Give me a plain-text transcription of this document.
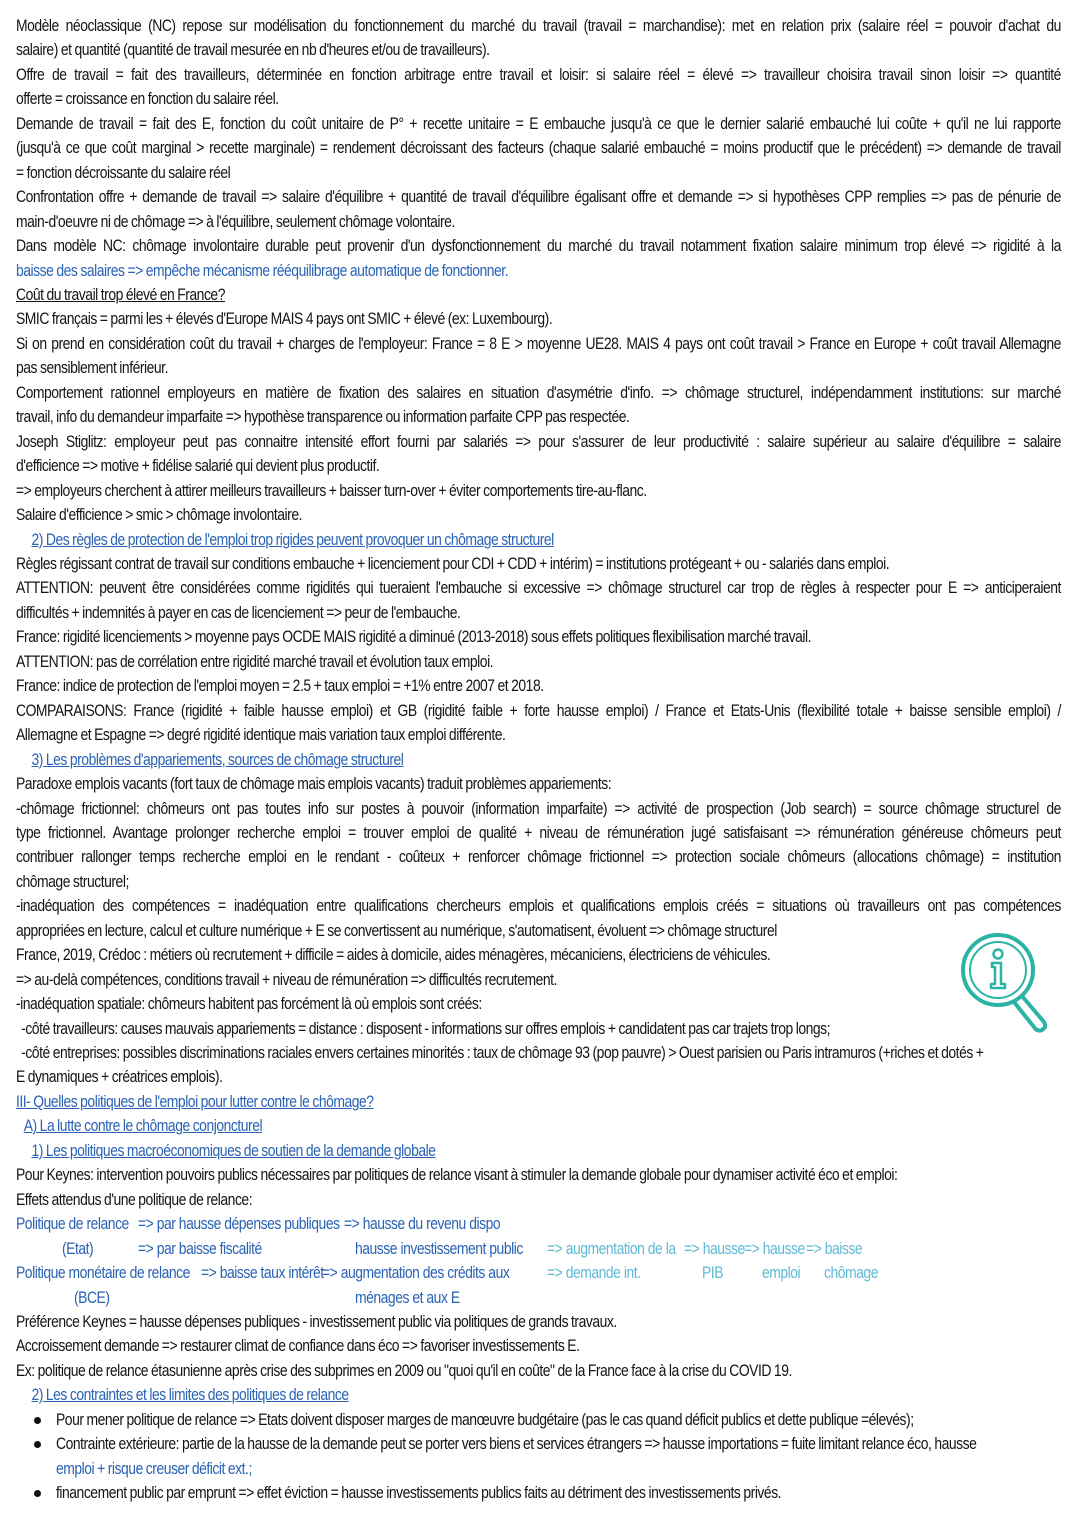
Modèle néoclassique (NC) repose sur modélisation du fonctionnement du marché du travail (travail = marchandise): met en relation prix (salaire réel = pouvoir d'achat du
salaire) et quantité (quantité de travail mesurée en nb d'heures et/ou de travailleurs).
Offre de travail = fait des travailleurs, déterminée en fonction arbitrage entre travail et loisir: si salaire réel = élevé => travailleur choisira travail sinon loisir => quantité
offerte = croissance en fonction du salaire réel.
Demande de travail = fait des E, fonction du coût unitaire de P° + recette unitaire = E embauche jusqu'à ce que le dernier salarié embauché lui coûte + qu'il ne lui rapporte
(jusqu'à ce que coût marginal > recette marginale) = rendement décroissant des facteurs (chaque salarié embauché = moins productif que le précédent) => demande de travail
= fonction décroissante du salaire réel
Confrontation offre + demande de travail => salaire d'équilibre + quantité de travail d'équilibre égalisant offre et demande => si hypothèses CPP remplies => pas de pénurie de
main-d'oeuvre ni de chômage => à l'équilibre, seulement chômage volontaire.
Dans modèle NC: chômage involontaire durable peut provenir d'un dysfonctionnement du marché du travail notamment fixation salaire minimum trop élevé => rigidité à la
baisse des salaires => empêche mécanisme rééquilibrage automatique de fonctionner.
Coût du travail trop élevé en France?
SMIC français = parmi les + élevés d'Europe MAIS 4 pays ont SMIC + élevé (ex: Luxembourg).
Si on prend en considération coût du travail + charges de l'employeur: France = 8 E > moyenne UE28. MAIS 4 pays ont coût travail > France en Europe + coût travail Allemagne
pas sensiblement inférieur.
Comportement rationnel employeurs en matière de fixation des salaires en situation d'asymétrie d'info. => chômage structurel, indépendamment institutions: sur marché
travail, info du demandeur imparfaite => hypothèse transparence ou information parfaite CPP pas respectée.
Joseph Stiglitz: employeur peut pas connaitre intensité effort fourni par salariés => pour s'assurer de leur productivité : salaire supérieur au salaire d'équilibre = salaire
d'efficience => motive + fidélise salarié qui devient plus productif.
=> employeurs cherchent à attirer meilleurs travailleurs + baisser turn-over + éviter comportements tire-au-flanc.
Salaire d'efficience > smic > chômage involontaire.
2) Des règles de protection de l'emploi trop rigides peuvent provoquer un chômage structurel
Règles régissant contrat de travail sur conditions embauche + licenciement pour CDI + CDD + intérim) = institutions protégeant + ou - salariés dans emploi.
ATTENTION: peuvent être considérées comme rigidités qui tueraient l'embauche si excessive => chômage structurel car trop de règles à respecter pour E => anticiperaient
difficultés + indemnités à payer en cas de licenciement => peur de l'embauche.
France: rigidité licenciements > moyenne pays OCDE MAIS rigidité a diminué (2013-2018) sous effets politiques flexibilisation marché travail.
ATTENTION: pas de corrélation entre rigidité marché travail et évolution taux emploi.
France: indice de protection de l'emploi moyen = 2.5 + taux emploi = +1% entre 2007 et 2018.
COMPARAISONS: France (rigidité + faible hausse emploi) et GB (rigidité faible + forte hausse emploi) / France et Etats-Unis (flexibilité totale + baisse sensible emploi) /
Allemagne et Espagne => degré rigidité identique mais variation taux emploi différente.
3) Les problèmes d'appariements, sources de chômage structurel
Paradoxe emplois vacants (fort taux de chômage mais emplois vacants) traduit problèmes appariements:
-chômage frictionnel: chômeurs ont pas toutes info sur postes à pouvoir (information imparfaite) => activité de prospection (Job search) = source chômage structurel de
type frictionnel. Avantage prolonger recherche emploi = trouver emploi de qualité + niveau de rémunération jugé satisfaisant => rémunération généreuse chômeurs peut
contribuer rallonger temps recherche emploi en le rendant - coûteux + renforcer chômage frictionnel => protection sociale chômeurs (allocations chômage) = institution
chômage structurel;
-inadéquation des compétences = inadéquation entre qualifications chercheurs emplois et qualifications emplois créés = situations où travailleurs ont pas compétences
appropriées en lecture, calcul et culture numérique + E se convertissent au numérique, s'automatisent, évoluent => chômage structurel
France, 2019, Crédoc : métiers où recrutement + difficile = aides à domicile, aides ménagères, mécaniciens, électriciens de véhicules.
=> au-delà compétences, conditions travail + niveau de rémunération => difficultés recrutement.
-inadéquation spatiale: chômeurs habitent pas forcément là où emplois sont créés:
-côté travailleurs: causes mauvais appariements = distance : disposent - informations sur offres emplois + candidatent pas car trajets trop longs;
-côté entreprises: possibles discriminations raciales envers certaines minorités : taux de chômage 93 (pop pauvre) > Ouest parisien ou Paris intramuros (+riches et dotés +
E dynamiques + créatrices emplois).
III- Quelles politiques de l'emploi pour lutter contre le chômage?
A) La lutte contre le chômage conjoncturel
1) Les politiques macroéconomiques de soutien de la demande globale
Pour Keynes: intervention pouvoirs publics nécessaires par politiques de relance visant à stimuler la demande globale pour dynamiser activité éco et emploi:
Effets attendus d'une politique de relance:
Politique de relance => par hausse dépenses publiques => hausse du revenu dispo
(Etat)	=> par baisse fiscalité	hausse investissement public => augmentation de la => hausse => hausse => baisse
Politique monétaire de relance => baisse taux intérêt
=> augmentation des crédits aux => demande int.	PIB emploi chômage
(BCE)	ménages et aux E
Préférence Keynes = hausse dépenses publiques - investissement public via politiques de grands travaux.
Accroissement demande => restaurer climat de confiance dans éco => favoriser investissements E.
Ex: politique de relance étasunienne après crise des subprimes en 2009 ou "quoi qu'il en coûte" de la France face à la crise du COVID 19.
2) Les contraintes et les limites des politiques de relance
Pour mener politique de relance => Etats doivent disposer marges de manœuvre budgétaire (pas le cas quand déficit publics et dette publique =élevés);
Contrainte extérieure: partie de la hausse de la demande peut se porter vers biens et services étrangers => hausse importations = fuite limitant relance éco, hausse
emploi + risque creuser déficit ext.;
financement public par emprunt => effet éviction = hausse investissements publics faits au détriment des investissements privés.
